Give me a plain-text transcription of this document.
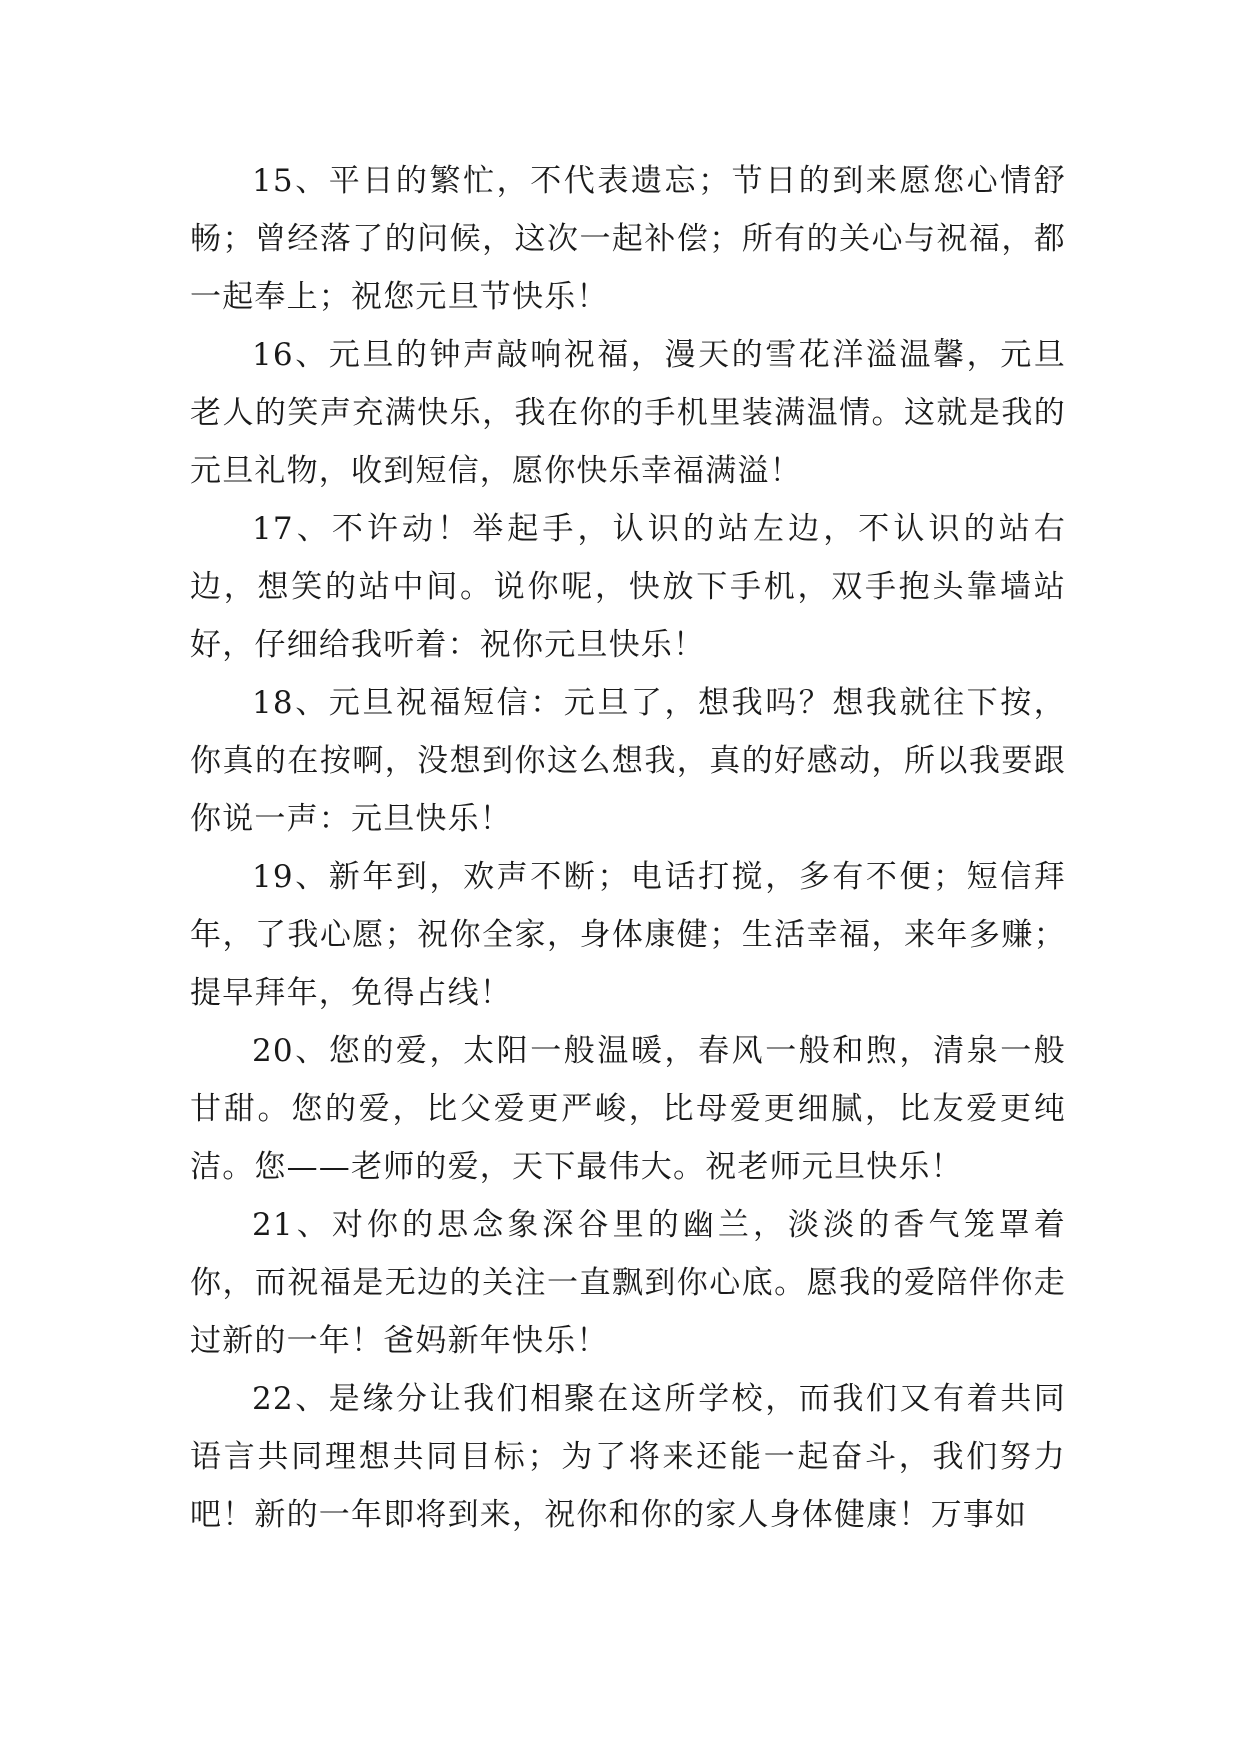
15、平日的繁忙，不代表遗忘；节日的到来愿您心情舒畅；曾经落了的问候，这次一起补偿；所有的关心与祝福，都一起奉上；祝您元旦节快乐！

16、元旦的钟声敲响祝福，漫天的雪花洋溢温馨，元旦老人的笑声充满快乐，我在你的手机里装满温情。这就是我的元旦礼物，收到短信，愿你快乐幸福满溢！

17、不许动！举起手，认识的站左边，不认识的站右边，想笑的站中间。说你呢，快放下手机，双手抱头靠墙站好，仔细给我听着：祝你元旦快乐！

18、元旦祝福短信：元旦了，想我吗？想我就往下按，你真的在按啊，没想到你这么想我，真的好感动，所以我要跟你说一声：元旦快乐！

19、新年到，欢声不断；电话打搅，多有不便；短信拜年，了我心愿；祝你全家，身体康健；生活幸福，来年多赚；提早拜年，免得占线！

20、您的爱，太阳一般温暖，春风一般和煦，清泉一般甘甜。您的爱，比父爱更严峻，比母爱更细腻，比友爱更纯洁。您——老师的爱，天下最伟大。祝老师元旦快乐！

21、对你的思念象深谷里的幽兰，淡淡的香气笼罩着你，而祝福是无边的关注一直飘到你心底。愿我的爱陪伴你走过新的一年！爸妈新年快乐！

22、是缘分让我们相聚在这所学校，而我们又有着共同语言共同理想共同目标；为了将来还能一起奋斗，我们努力吧！新的一年即将到来，祝你和你的家人身体健康！万事如
